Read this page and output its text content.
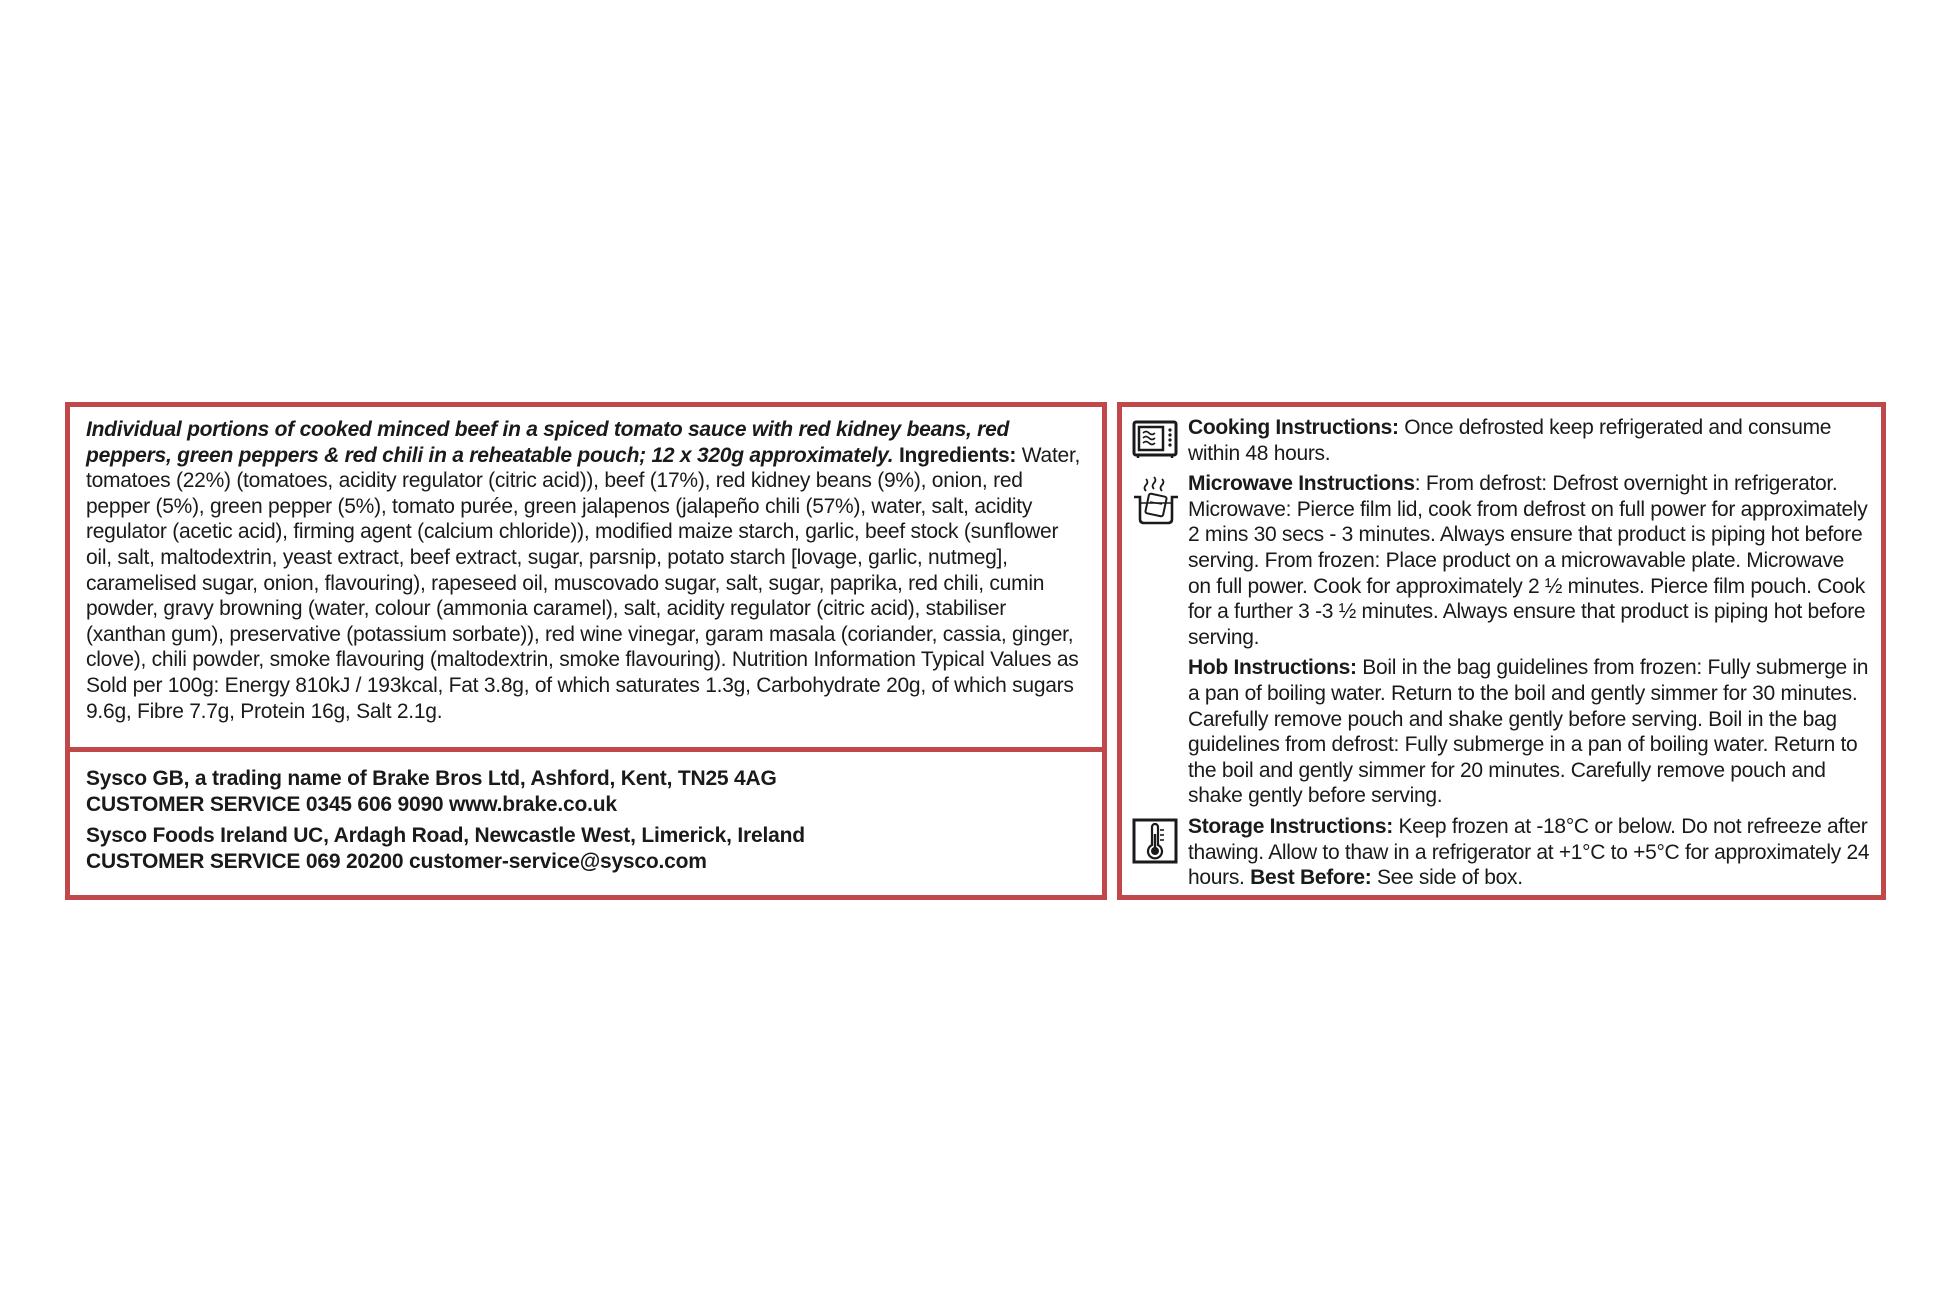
Individual portions of cooked minced beef in a spiced tomato sauce with red kidney beans, red peppers, green peppers & red chili in a reheatable pouch; 12 x 320g approximately. Ingredients: Water, tomatoes (22%) (tomatoes, acidity regulator (citric acid)), beef (17%), red kidney beans (9%), onion, red pepper (5%), green pepper (5%), tomato purée, green jalapenos (jalapeño chili (57%), water, salt, acidity regulator (acetic acid), firming agent (calcium chloride)), modified maize starch, garlic, beef stock (sunflower oil, salt, maltodextrin, yeast extract, beef extract, sugar, parsnip, potato starch [lovage, garlic, nutmeg], caramelised sugar, onion, flavouring), rapeseed oil, muscovado sugar, salt, sugar, paprika, red chili, cumin powder, gravy browning (water, colour (ammonia caramel), salt, acidity regulator (citric acid), stabiliser (xanthan gum), preservative (potassium sorbate)), red wine vinegar, garam masala (coriander, cassia, ginger, clove), chili powder, smoke flavouring (maltodextrin, smoke flavouring). Nutrition Information Typical Values as Sold per 100g: Energy 810kJ / 193kcal, Fat 3.8g, of which saturates 1.3g, Carbohydrate 20g, of which sugars 9.6g, Fibre 7.7g, Protein 16g, Salt 2.1g.

Sysco GB, a trading name of Brake Bros Ltd, Ashford, Kent, TN25 4AG
CUSTOMER SERVICE 0345 606 9090 www.brake.co.uk

Sysco Foods Ireland UC, Ardagh Road, Newcastle West, Limerick, Ireland
CUSTOMER SERVICE 069 20200 customer-service@sysco.com

Cooking Instructions: Once defrosted keep refrigerated and consume within 48 hours.
Microwave Instructions: From defrost: Defrost overnight in refrigerator. Microwave: Pierce film lid, cook from defrost on full power for approximately 2 mins 30 secs - 3 minutes. Always ensure that product is piping hot before serving. From frozen: Place product on a microwavable plate. Microwave on full power. Cook for approximately 2 ½ minutes. Pierce film pouch. Cook for a further 3 -3 ½ minutes. Always ensure that product is piping hot before serving.
Hob Instructions: Boil in the bag guidelines from frozen: Fully submerge in a pan of boiling water. Return to the boil and gently simmer for 30 minutes. Carefully remove pouch and shake gently before serving. Boil in the bag guidelines from defrost: Fully submerge in a pan of boiling water. Return to the boil and gently simmer for 20 minutes. Carefully remove pouch and shake gently before serving.
Storage Instructions: Keep frozen at -18°C or below. Do not refreeze after thawing. Allow to thaw in a refrigerator at +1°C to +5°C for approximately 24 hours. Best Before: See side of box.
